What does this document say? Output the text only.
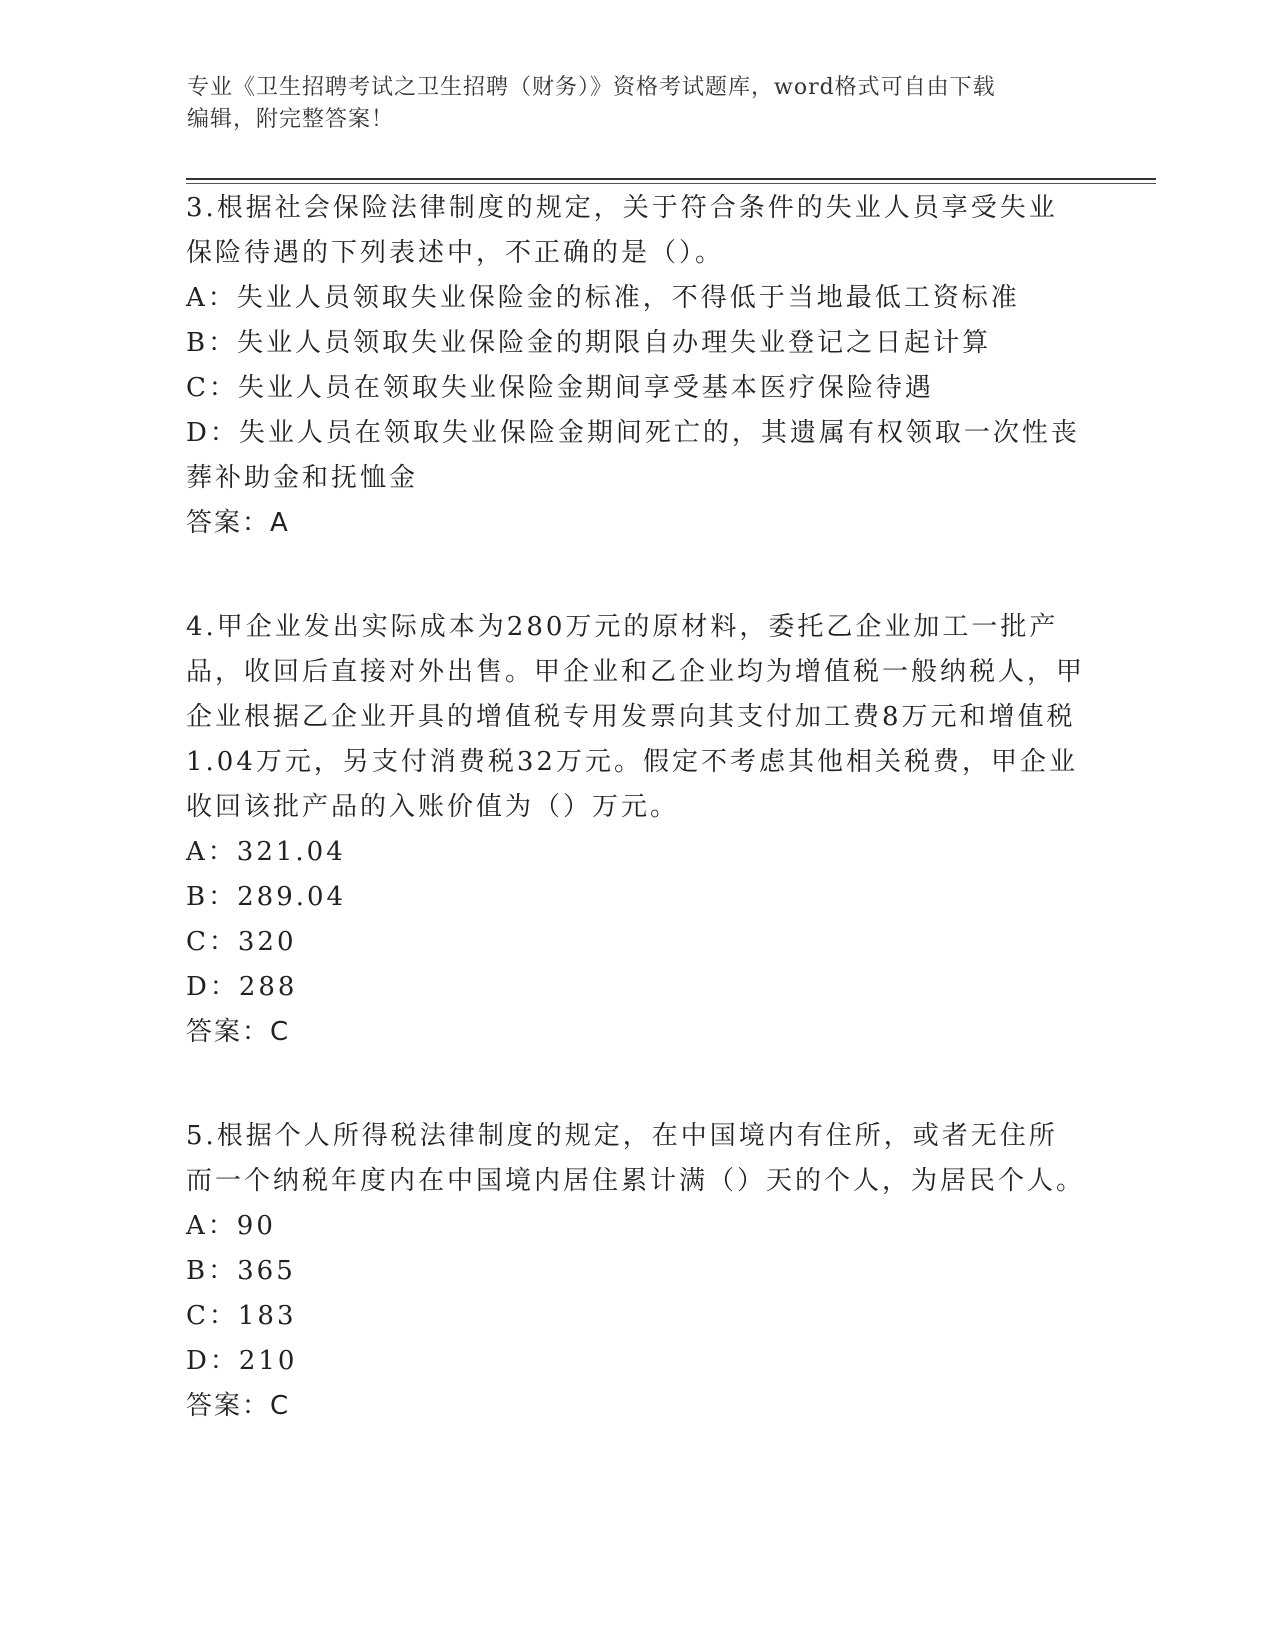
专业《卫生招聘考试之卫生招聘（财务）》资格考试题库，word格式可自由下载
编辑，附完整答案！
3.根据社会保险法律制度的规定，关于符合条件的失业人员享受失业保险待遇的下列表述中，不正确的是（）。
A：失业人员领取失业保险金的标准，不得低于当地最低工资标准
B：失业人员领取失业保险金的期限自办理失业登记之日起计算
C：失业人员在领取失业保险金期间享受基本医疗保险待遇
D：失业人员在领取失业保险金期间死亡的，其遗属有权领取一次性丧葬补助金和抚恤金
答案：A
4.甲企业发出实际成本为280万元的原材料，委托乙企业加工一批产品，收回后直接对外出售。甲企业和乙企业均为增值税一般纳税人，甲企业根据乙企业开具的增值税专用发票向其支付加工费8万元和增值税1.04万元，另支付消费税32万元。假定不考虑其他相关税费，甲企业收回该批产品的入账价值为（）万元。
A：321.04
B：289.04
C：320
D：288
答案：C
5.根据个人所得税法律制度的规定，在中国境内有住所，或者无住所而一个纳税年度内在中国境内居住累计满（）天的个人，为居民个人。
A：90
B：365
C：183
D：210
答案：C
